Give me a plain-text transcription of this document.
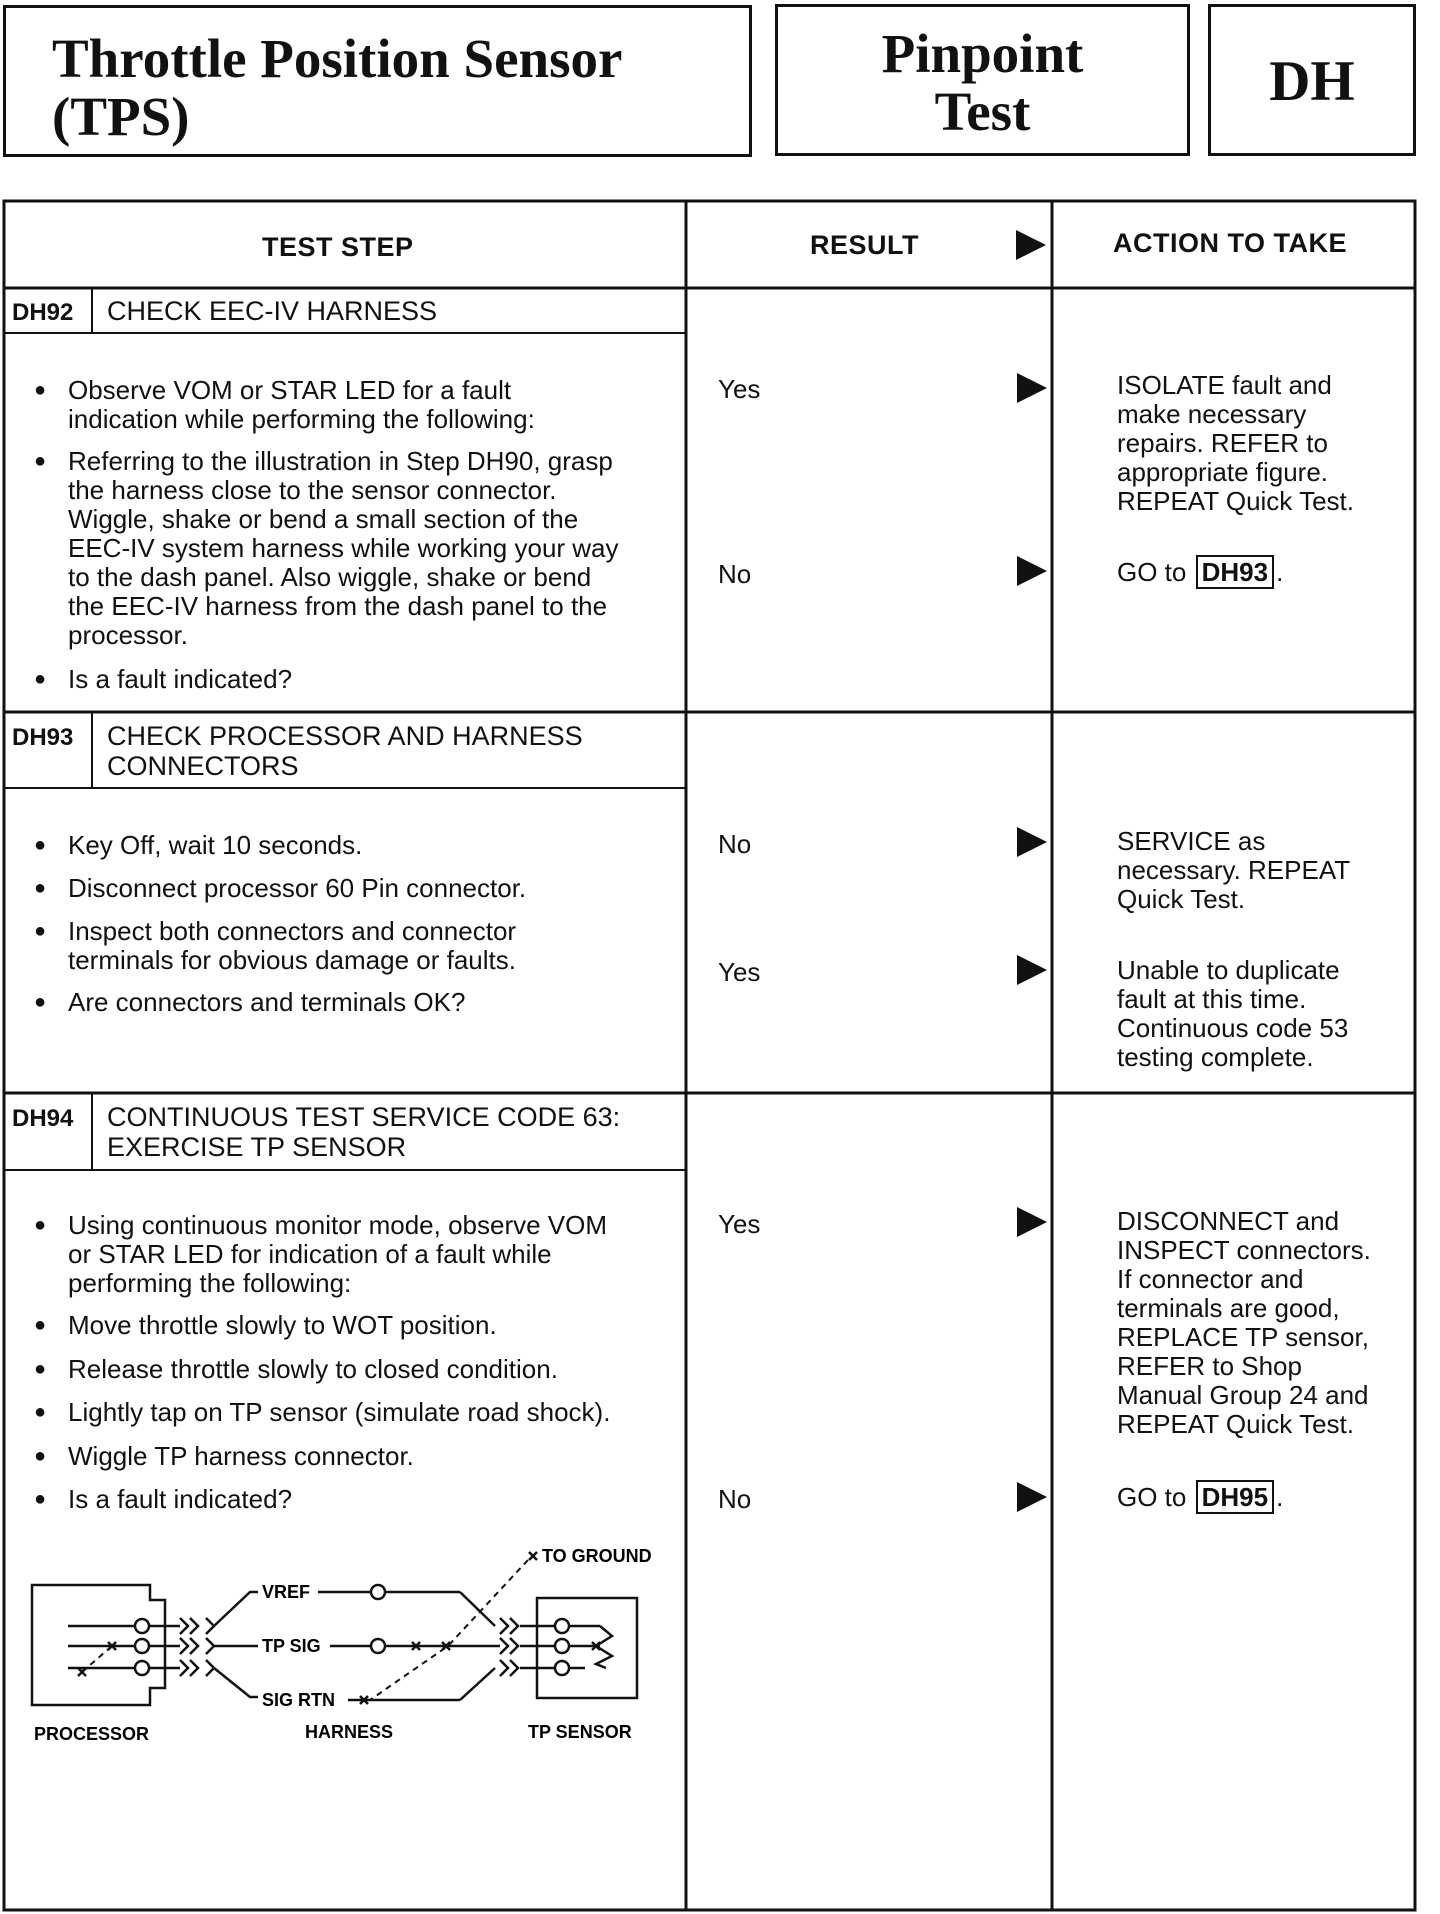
Throttle Position Sensor
(TPS)
Pinpoint
Test	DH
TEST STEP	RESULT	ACTION TO TAKE
DH92 CHECK EEC-IV HARNESS
● Observe VOM or STAR LED for a fault
indication while performing the following:
● Referring to the illustration in Step DH90, grasp
the harness close to the sensor connector.
Wiggle, shake or bend a small section of the
EEC-IV system harness while working your way
to the dash panel. Also wiggle, shake or bend
the EEC-IV harness from the dash panel to the
processor.
● Is a fault indicated?
Yes	ISOLATE fault and
make necessary
repairs. REFER to
appropriate figure.
REPEAT Quick Test.
No	GO to DH93 .
DH93 CHECK PROCESSOR AND HARNESS
CONNECTORS
● Key Off, wait 10 seconds.
● Disconnect processor 60 Pin connector.
● Inspect both connectors and connector
terminals for obvious damage or faults.
● Are connectors and terminals OK?
No	SERVICE as
necessary. REPEAT
Quick Test.
Yes	Unable to duplicate
fault at this time.
Continuous code 53
testing complete.
DH94 CONTINUOUS TEST SERVICE CODE 63:
EXERCISE TP SENSOR
● Using continuous monitor mode, observe VOM
or STAR LED for indication of a fault while
performing the following:
● Move throttle slowly to WOT position.
● Release throttle slowly to closed condition.
● Lightly tap on TP sensor (simulate road shock).
● Wiggle TP harness connector.
● Is a fault indicated?
Yes	DISCONNECT and
INSPECT connectors.
If connector and
terminals are good,
REPLACE TP sensor,
REFER to Shop
Manual Group 24 and
REPEAT Quick Test.
No	GO to DH95 .
TO GROUND
VREF
TP SIG
SIG RTN
PROCESSOR	HARNESS	TP SENSOR
